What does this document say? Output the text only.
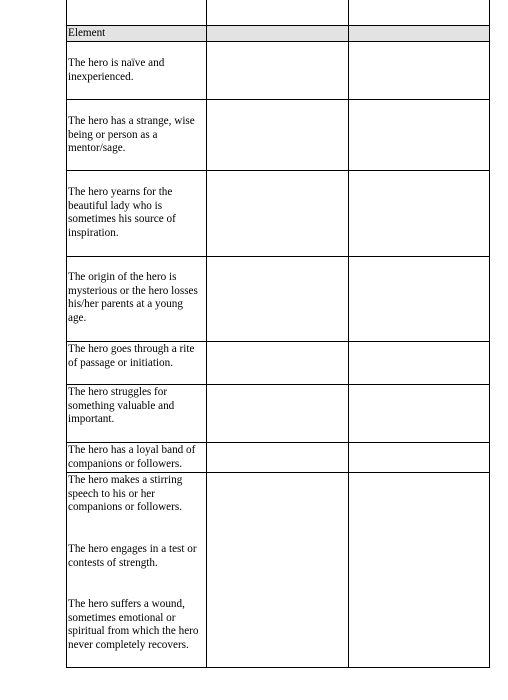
Element
The hero is naïve and
inexperienced.
The hero has a strange, wise
being or person as a
mentor/sage.
The hero yearns for the
beautiful lady who is
sometimes his source of
inspiration.
The origin of the hero is
mysterious or the hero losses
his/her parents at a young
age.
The hero goes through a rite
of passage or initiation.
The hero struggles for
something valuable and
important.
The hero has a loyal band of
companions or followers.
The hero makes a stirring
speech to his or her
companions or followers.
The hero engages in a test or
contests of strength.
The hero suffers a wound,
sometimes emotional or
spiritual from which the hero
never completely recovers.
